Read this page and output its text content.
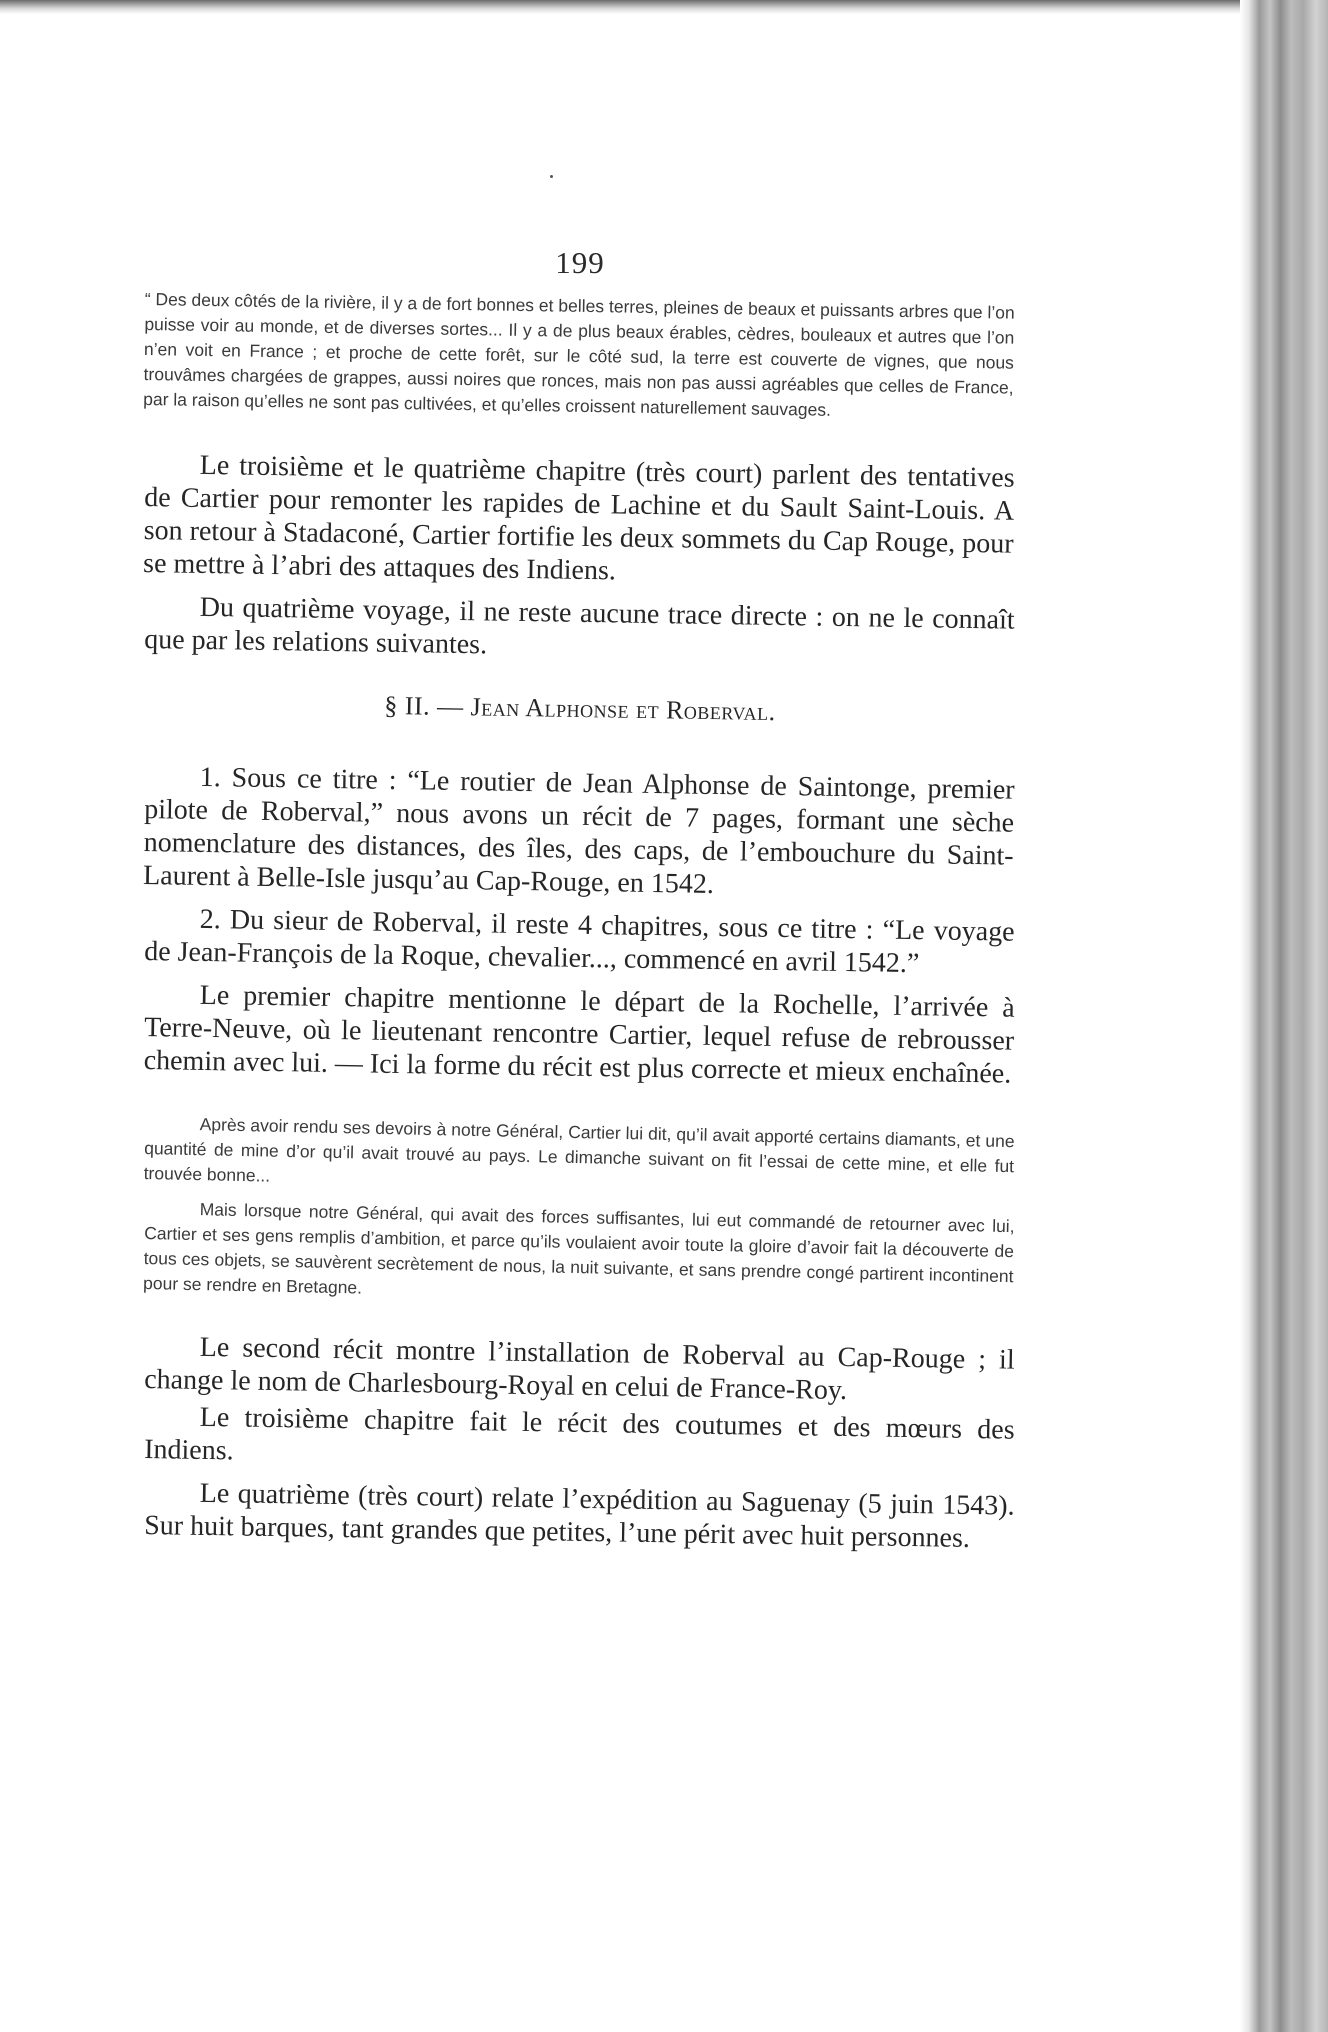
199

“ Des deux côtés de la rivière, il y a de fort bonnes et belles terres, pleines de beaux et puissants arbres que l’on puisse voir au monde, et de diverses sortes... Il y a de plus beaux érables, cèdres, bouleaux et autres que l’on n’en voit en France ; et proche de cette forêt, sur le côté sud, la terre est couverte de vignes, que nous trouvâmes chargées de grappes, aussi noires que ronces, mais non pas aussi agréables que celles de France, par la raison qu’elles ne sont pas cultivées, et qu’elles croissent naturellement sauvages.

Le troisième et le quatrième chapitre (très court) parlent des tentatives de Cartier pour remonter les rapides de Lachine et du Sault Saint-Louis. A son retour à Stadaconé, Cartier fortifie les deux sommets du Cap Rouge, pour se mettre à l’abri des attaques des Indiens.

Du quatrième voyage, il ne reste aucune trace directe : on ne le connaît que par les relations suivantes.

§ II. — Jean Alphonse et Roberval.

1. Sous ce titre : “Le routier de Jean Alphonse de Saintonge, premier pilote de Roberval,” nous avons un récit de 7 pages, formant une sèche nomenclature des distances, des îles, des caps, de l’embouchure du Saint-Laurent à Belle-Isle jusqu’au Cap-Rouge, en 1542.

2. Du sieur de Roberval, il reste 4 chapitres, sous ce titre : “Le voyage de Jean-François de la Roque, chevalier..., commencé en avril 1542.”

Le premier chapitre mentionne le départ de la Rochelle, l’arrivée à Terre-Neuve, où le lieutenant rencontre Cartier, lequel refuse de rebrousser chemin avec lui. — Ici la forme du récit est plus correcte et mieux enchaînée.

Après avoir rendu ses devoirs à notre Général, Cartier lui dit, qu’il avait apporté certains diamants, et une quantité de mine d’or qu’il avait trouvé au pays. Le dimanche suivant on fit l’essai de cette mine, et elle fut trouvée bonne...

Mais lorsque notre Général, qui avait des forces suffisantes, lui eut commandé de retourner avec lui, Cartier et ses gens remplis d’ambition, et parce qu’ils voulaient avoir toute la gloire d’avoir fait la découverte de tous ces objets, se sauvèrent secrètement de nous, la nuit suivante, et sans prendre congé partirent incontinent pour se rendre en Bretagne.

Le second récit montre l’installation de Roberval au Cap-Rouge ; il change le nom de Charlesbourg-Royal en celui de France-Roy.

Le troisième chapitre fait le récit des coutumes et des mœurs des Indiens.

Le quatrième (très court) relate l’expédition au Saguenay (5 juin 1543). Sur huit barques, tant grandes que petites, l’une périt avec huit personnes.
